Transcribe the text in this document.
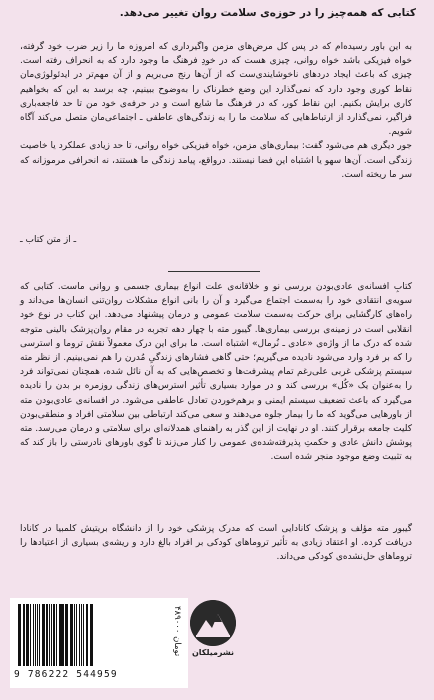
کتابی که همه‌چیز را در حوزه‌ی سلامت روان تغییر می‌دهد.

به این باور رسیده‌ام که در پس کل مرض‌های مزمن واگیرداری که امروزه ما را زیر ضرب خود گرفته، خواه فیزیکی باشد خواه روانی، چیزی هست که در خودِ فرهنگ ما وجود دارد که به انحراف رفته است. چیزی که باعث ایجاد دردهای ناخوشایندی‌ست که از آن‌ها رنج می‌بریم و از آن مهم‌تر در ایدئولوژی‌مان نقاط کوری وجود دارد که نمی‌گذارد این وضع خطرناک را به‌وضوح ببینیم، چه برسد به این که بخواهیم کاری برایش بکنیم. این نقاط کور، که در فرهنگ ما شایع است و در حرفه‌ی خود من تا حد فاجعه‌باری فراگیر، نمی‌گذارد از ارتباط‌هایی که سلامت ما را به زندگی‌های عاطفی ـ اجتماعی‌مان متصل می‌کند آگاه شویم.

جور دیگری هم می‌شود گفت: بیماری‌های مزمن، خواه فیزیکی خواه روانی، تا حد زیادی عملکرد یا خاصیت زندگی است. آن‌ها سهو یا اشتباه این فضا نیستند. درواقع، پیامد زندگی ما هستند، نه انحرافی مرموزانه که سر ما ریخته است.

ـ از متن کتاب ـ

کتابِ افسانه‌ی عادی‌بودن بررسی نو و خلاقانه‌ی علت انواع بیماری جسمی و روانی ماست. کتابی که سویه‌ی انتقادی خود را به‌سمت اجتماع می‌گیرد و آن را بانی انواع مشکلات روان‌تنی انسان‌ها می‌داند و راه‌های کارگشایی برای حرکت به‌سمت سلامت عمومی و درمان پیشنهاد می‌دهد. این کتاب در نوع خود انقلابی است در زمینه‌ی بررسی بیماری‌ها. گیبور مته با چهار دهه تجربه در مقام روان‌پزشک بالینی متوجه شده که درک ما از واژه‌ی «عادی ـ نُرمال» اشتباه است. ما برای این درک معمولاً نقش تروما و استرسی را که بر فرد وارد می‌شود نادیده می‌گیریم؛ حتی گاهی فشارهای زندگیِ مُدرن را هم نمی‌بینیم. از نظر مته سیستم پزشکی غربی علی‌رغم تمام پیشرفت‌ها و تخصص‌هایی که به آن نائل شده، همچنان نمی‌تواند فرد را به‌عنوان یک «کُل» بررسی کند و در موارد بسیاری تأثیر استرس‌های زندگی روزمره بر بدن را نادیده می‌گیرد که باعث تضعیف سیستم ایمنی و برهم‌خوردن تعادل عاطفی می‌شود. در افسانه‌ی عادی‌بودن مته از باورهایی می‌گوید که ما را بیمار جلوه می‌دهند و سعی می‌کند ارتباطی بین سلامتی افراد و منطقی‌بودن کلیت جامعه برقرار کنند. او در نهایت از این گذر به راهنمای همدلانه‌ای برای سلامتی و درمان می‌رسد. مته پوشش دانش عادی و حکمتِ پذیرفته‌شده‌ی عمومی را کنار می‌زند تا گوی باورهای نادرستی را باز کند که به تثبیت وضع موجود منجر شده است.

گیبور مته مؤلف و پزشک کانادایی است که مدرک پزشکی خود را از دانشگاه بریتیش کلمبیا در کانادا دریافت کرده. او اعتقاد زیادی به تأثیر تروماهای کودکی بر افراد بالغ دارد و ریشه‌ی بسیاری از اعتیادها را تروماهای حل‌نشده‌ی کودکی می‌داند.

9 786222 544959
۴۸۹۰۰۰ تومان	نشرمیلکان
